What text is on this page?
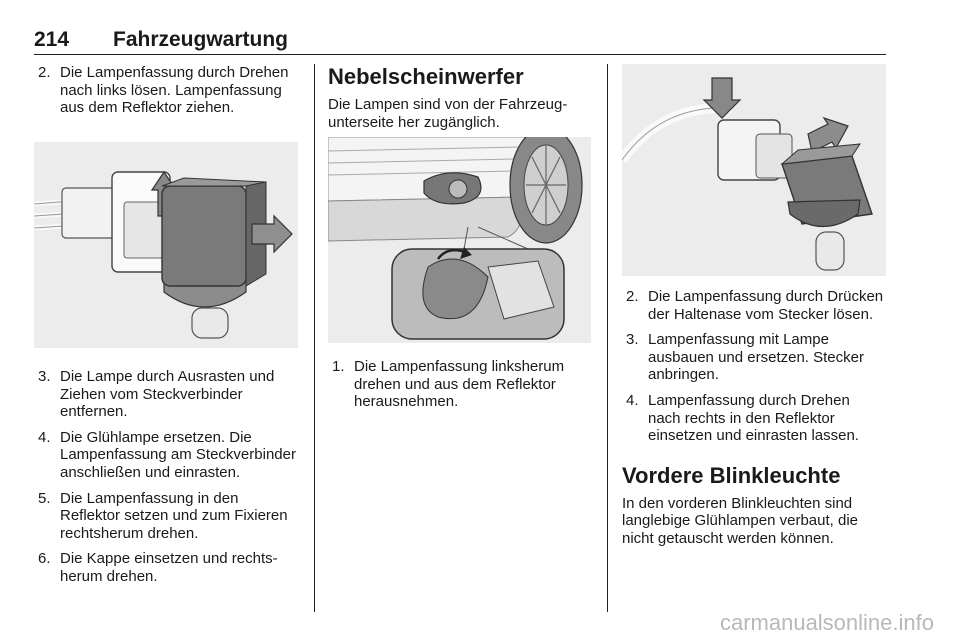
214 Fahrzeugwartung
2. Die Lampenfassung durch Drehen nach links lösen. Lampenfassung aus dem Reflektor ziehen.
3. Die Lampe durch Ausrasten und Ziehen vom Steckverbinder entfernen.
4. Die Glühlampe ersetzen. Die Lampenfassung am Steckverbinder anschließen und einrasten.
5. Die Lampenfassung in den Reflektor setzen und zum Fixieren rechtsherum drehen.
6. Die Kappe einsetzen und rechtsherum drehen.
Nebelscheinwerfer

Die Lampen sind von der Fahrzeugunterseite her zugänglich.

1. Die Lampenfassung linksherum drehen und aus dem Reflektor herausnehmen.
2. Die Lampenfassung durch Drücken der Haltenase vom Stecker lösen.
3. Lampenfassung mit Lampe ausbauen und ersetzen. Stecker anbringen.
4. Lampenfassung durch Drehen nach rechts in den Reflektor einsetzen und einrasten lassen.
Vordere Blinkleuchte

In den vorderen Blinkleuchten sind langlebige Glühlampen verbaut, die nicht getauscht werden können.

carmanualsonline.info
